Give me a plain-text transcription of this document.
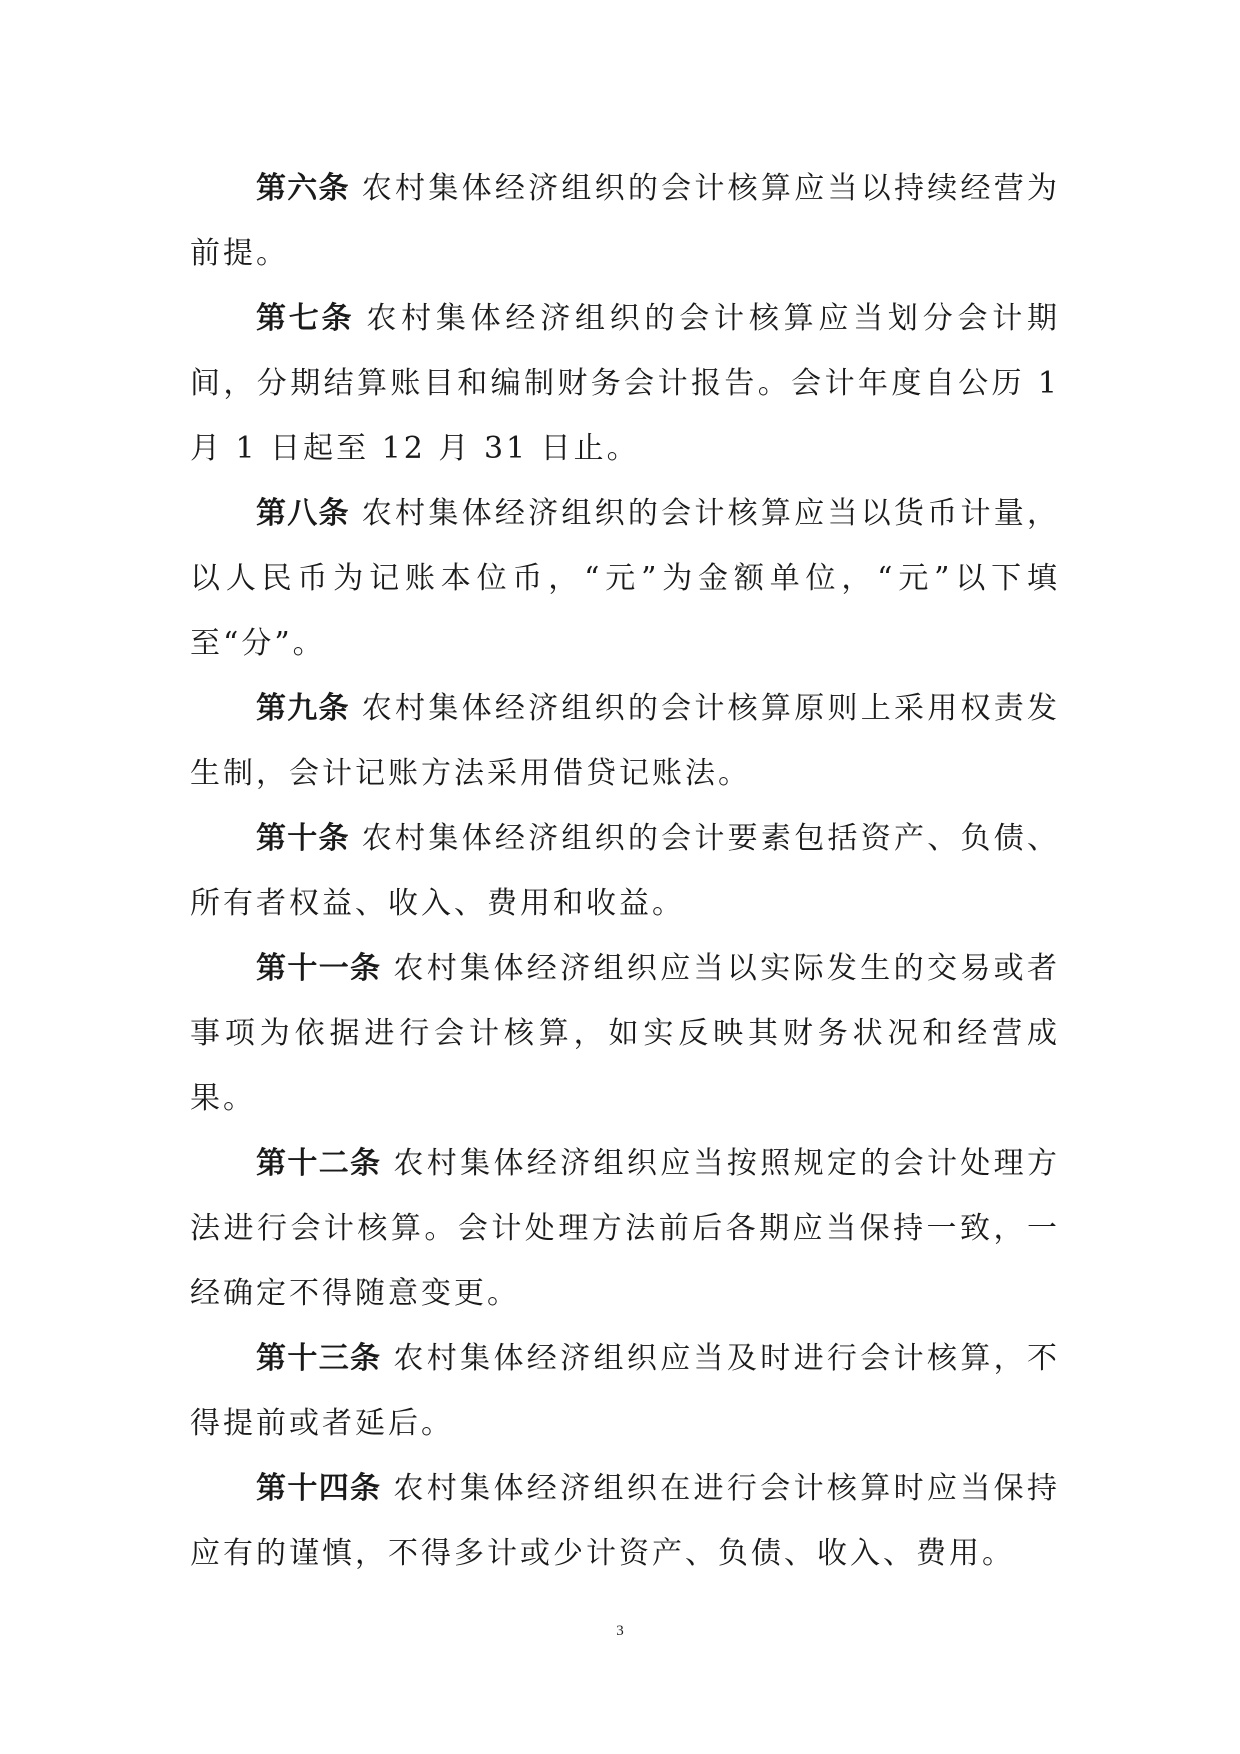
第六条 农村集体经济组织的会计核算应当以持续经营为前提。

第七条 农村集体经济组织的会计核算应当划分会计期间，分期结算账目和编制财务会计报告。会计年度自公历 1 月 1 日起至 12 月 31 日止。

第八条 农村集体经济组织的会计核算应当以货币计量，以人民币为记账本位币，“元”为金额单位，“元”以下填至“分”。

第九条 农村集体经济组织的会计核算原则上采用权责发生制，会计记账方法采用借贷记账法。

第十条 农村集体经济组织的会计要素包括资产、负债、所有者权益、收入、费用和收益。

第十一条 农村集体经济组织应当以实际发生的交易或者事项为依据进行会计核算，如实反映其财务状况和经营成果。

第十二条 农村集体经济组织应当按照规定的会计处理方法进行会计核算。会计处理方法前后各期应当保持一致，一经确定不得随意变更。

第十三条 农村集体经济组织应当及时进行会计核算，不得提前或者延后。

第十四条 农村集体经济组织在进行会计核算时应当保持应有的谨慎，不得多计或少计资产、负债、收入、费用。

3
